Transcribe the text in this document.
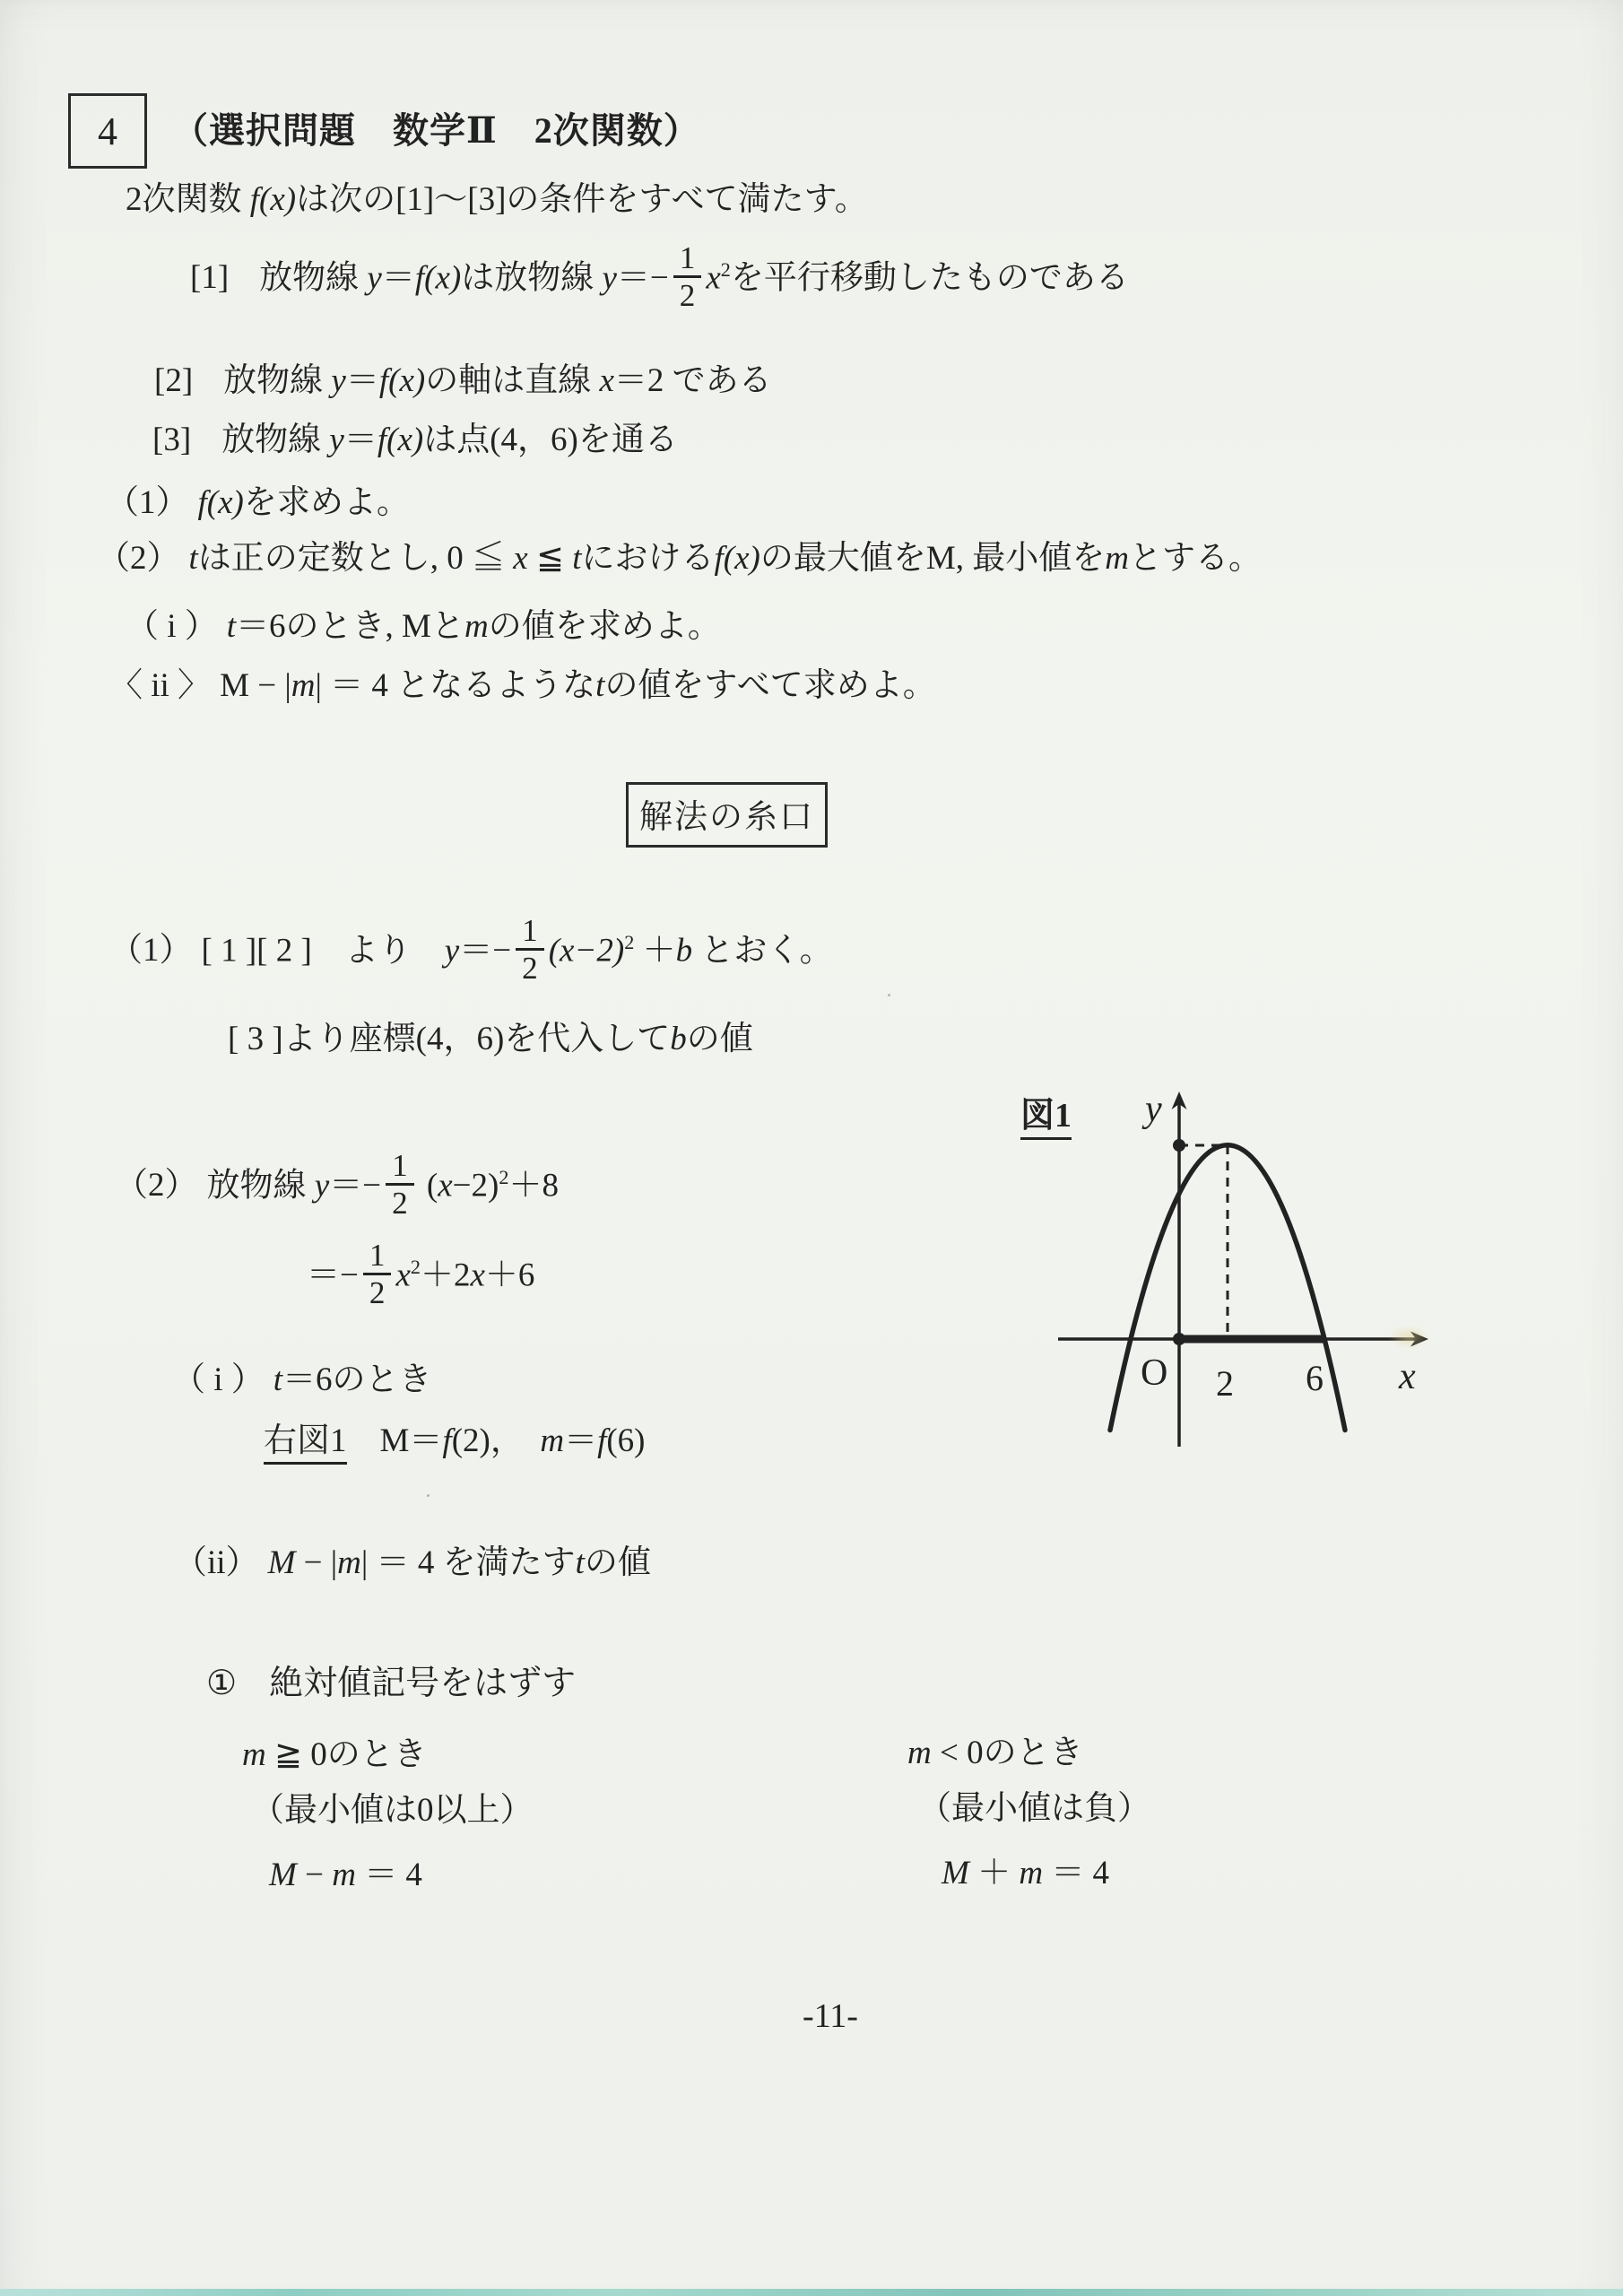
4 （選択問題　数学Ⅱ　2次関数）
2次関数 f(x)は次の[1]～[3]の条件をすべて満たす。
[1] 放物線 y＝f(x)は放物線 $y=- \frac{1}{2} x^2$を平行移動したものである
[2] 放物線 y＝f(x)の軸は直線 x＝2 である
[3] 放物線 y＝f(x)は点(4，6)を通る
（1） f(x)を求めよ。
（2） tは正の定数とし, 0 ≦ x ≦ tにおけるf(x)の最大値をM, 最小値をmとする。
（ i ） t＝6のとき, Mとmの値を求めよ。
〈 ii 〉 M − |m| ＝ 4 となるようなtの値をすべて求めよ。
解法の糸口
（1） [ 1 ][ 2 ]　より　$y=- \frac{1}{2} (x-2)^2 +b$ とおく。
[ 3 ]より座標(4，6)を代入してbの値
図1 y
x
O 2 6
（2） 放物線 $y=- \frac{1}{2} (x-2)^2+8$
＝− $\frac{1}{2} x^2+2x+6$
（ i ） t＝6のとき
右図1　M＝f(2)，　m＝f(6)
（ii） M − |m| ＝ 4 を満たすtの値
① 絶対値記号をはずす
m ≧ 0のとき
（最小値は0以上）
M − m ＝ 4
m < 0のとき
（最小値は負）
M ＋ m ＝ 4
-11-
